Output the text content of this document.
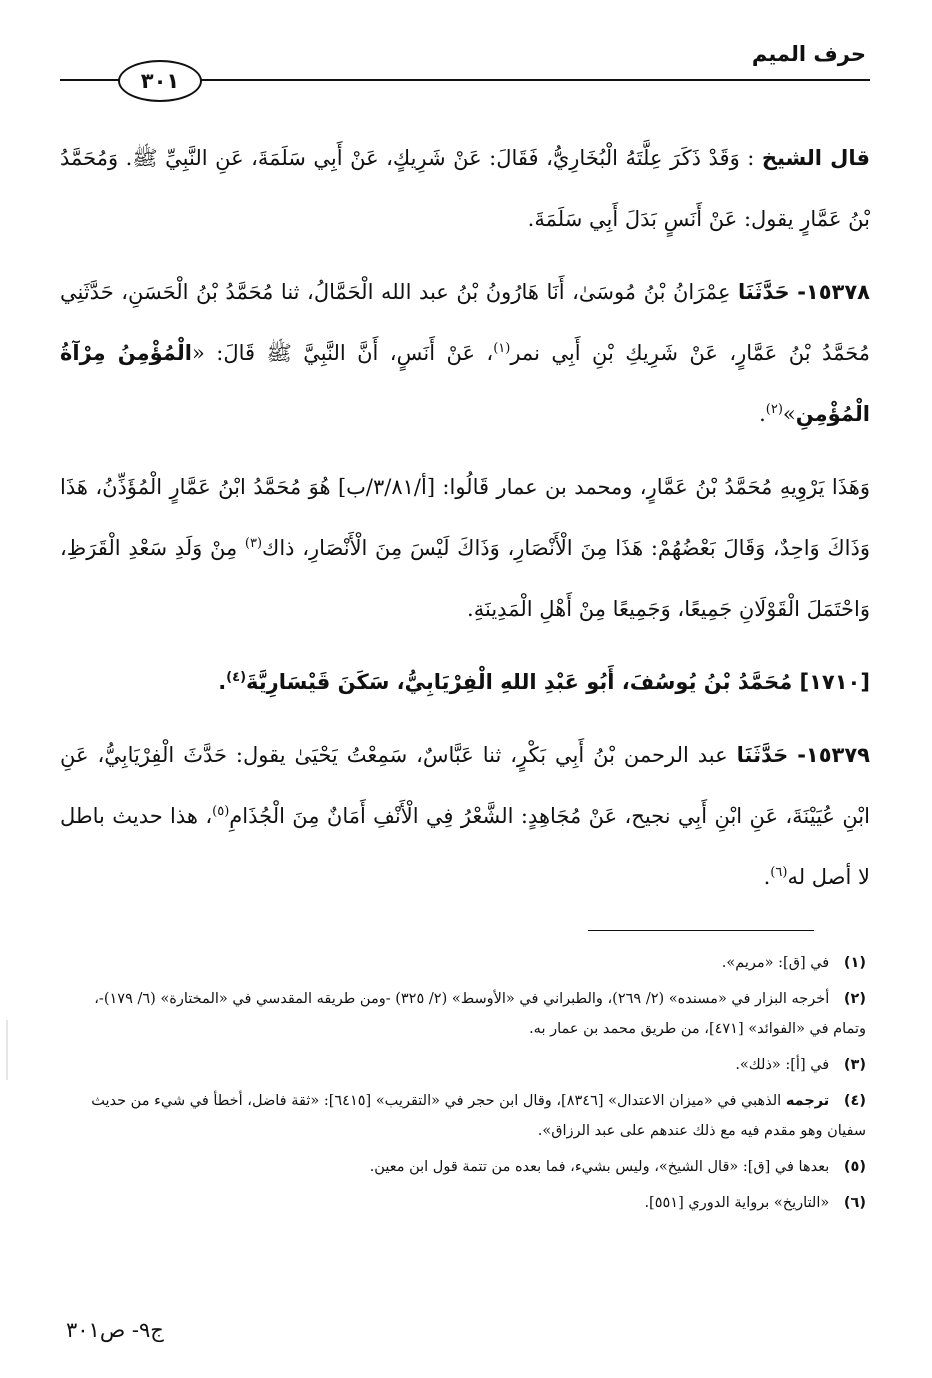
حرف الميم
٣٠١

قال الشيخ : وَقَدْ ذَكَرَ عِلَّتَهُ الْبُخَارِيُّ، فَقَالَ: عَنْ شَرِيكٍ، عَنْ أَبِي سَلَمَةَ، عَنِ النَّبِيِّ ﷺ. وَمُحَمَّدُ بْنُ عَمَّارٍ يقول: عَنْ أَنَسٍ بَدَلَ أَبِي سَلَمَةَ.

١٥٣٧٨- حَدَّثَنَا عِمْرَانُ بْنُ مُوسَىٰ، أَنَا هَارُونُ بْنُ عبد الله الْحَمَّالُ، ثنا مُحَمَّدُ بْنُ الْحَسَنِ، حَدَّثَنِي مُحَمَّدُ بْنُ عَمَّارٍ، عَنْ شَرِيكِ بْنِ أَبِي نمر$^{(١)}$، عَنْ أَنَسٍ، أَنَّ النَّبِيَّ ﷺ قَالَ: «الْمُؤْمِنُ مِرْآةُ الْمُؤْمِنِ»$^{(٢)}$.

وَهَذَا يَرْوِيهِ مُحَمَّدُ بْنُ عَمَّارٍ، ومحمد بن عمار قَالُوا: [أ/٣/٨١/ب] هُوَ مُحَمَّدُ ابْنُ عَمَّارٍ الْمُؤَذِّنُ، هَذَا وَذَاكَ وَاحِدٌ، وَقَالَ بَعْضُهُمْ: هَذَا مِنَ الْأَنْصَارِ، وَذَاكَ لَيْسَ مِنَ الْأَنْصَارِ، ذاك$^{(٣)}$ مِنْ وَلَدِ سَعْدِ الْقَرَظِ، وَاحْتَمَلَ الْقَوْلَانِ جَمِيعًا، وَجَمِيعًا مِنْ أَهْلِ الْمَدِينَةِ.

[١٧١٠] مُحَمَّدُ بْنُ يُوسُفَ، أَبُو عَبْدِ اللهِ الْفِرْيَابِيُّ، سَكَنَ قَيْسَارِيَّةَ$^{(٤)}$.

١٥٣٧٩- حَدَّثَنَا عبد الرحمن بْنُ أَبِي بَكْرٍ، ثنا عَبَّاسٌ، سَمِعْتُ يَحْيَىٰ يقول: حَدَّثَ الْفِرْيَابِيُّ، عَنِ ابْنِ عُيَيْنَةَ، عَنِ ابْنِ أَبِي نجيح، عَنْ مُجَاهِدٍ: الشَّعْرُ فِي الْأَنْفِ أَمَانٌ مِنَ الْجُذَامِ$^{(٥)}$، هذا حديث باطل لا أصل له$^{(٦)}$.

(١) في [ق]: «مريم».

(٢) أخرجه البزار في «مسنده» (٢/ ٢٦٩)، والطبراني في «الأوسط» (٢/ ٣٢٥) -ومن طريقه المقدسي في «المختارة» (٦/ ١٧٩)-، وتمام في «الفوائد» [٤٧١]، من طريق محمد بن عمار به.

(٣) في [أ]: «ذلك».

(٤) ترجمه الذهبي في «ميزان الاعتدال» [٨٣٤٦]، وقال ابن حجر في «التقريب» [٦٤١٥]: «ثقة فاضل، أخطأ في شيء من حديث سفيان وهو مقدم فيه مع ذلك عندهم على عبد الرزاق».

(٥) بعدها في [ق]: «قال الشيخ»، وليس بشيء، فما بعده من تتمة قول ابن معين.

(٦) «التاريخ» برواية الدوري [٥٥١].

ج٩- ص٣٠١
